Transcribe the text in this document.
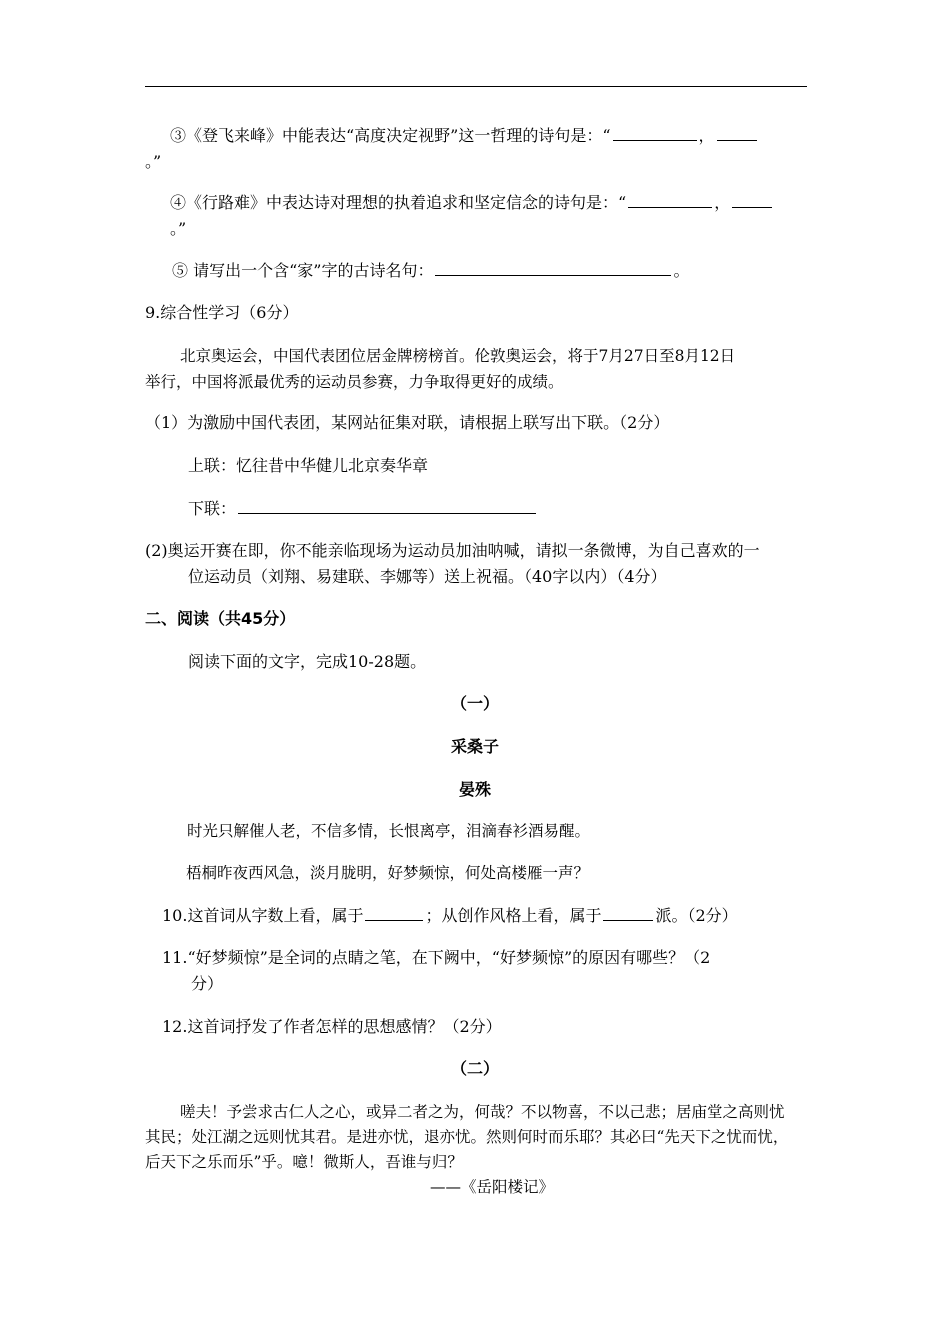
③《登飞来峰》中能表达“高度决定视野”这一哲理的诗句是：“	，
。”
④《行路难》中表达诗对理想的执着追求和坚定信念的诗句是：“	，
。”
⑤ 请写出一个含“家”字的古诗名句：	。
9.综合性学习（6分）
北京奥运会，中国代表团位居金牌榜榜首。伦敦奥运会，将于7月27日至8月12日
举行，中国将派最优秀的运动员参赛，力争取得更好的成绩。
（1）为激励中国代表团，某网站征集对联，请根据上联写出下联。（2分）
上联：忆往昔中华健儿北京奏华章
下联：
(2)奥运开赛在即，你不能亲临现场为运动员加油呐喊，请拟一条微博，为自己喜欢的一
位运动员（刘翔、易建联、李娜等）送上祝福。（40字以内）（4分）
二、阅读（共45分）
阅读下面的文字，完成10-28题。
（一）
采桑子
晏殊
时光只解催人老，不信多情，长恨离亭，泪滴春衫酒易醒。
梧桐昨夜西风急，淡月胧明，好梦频惊，何处高楼雁一声？
10.这首词从字数上看，属于	；从创作风格上看，属于	派。（2分）
11.“好梦频惊”是全词的点睛之笔，在下阙中，“好梦频惊”的原因有哪些？（2
分）
12.这首词抒发了作者怎样的思想感情？（2分）
（二）
嗟夫！予尝求古仁人之心，或异二者之为，何哉？不以物喜，不以己悲；居庙堂之高则忧
其民；处江湖之远则忧其君。是进亦忧，退亦忧。然则何时而乐耶？其必曰“先天下之忧而忧，
后天下之乐而乐”乎。噫！微斯人，吾谁与归？
——《岳阳楼记》
